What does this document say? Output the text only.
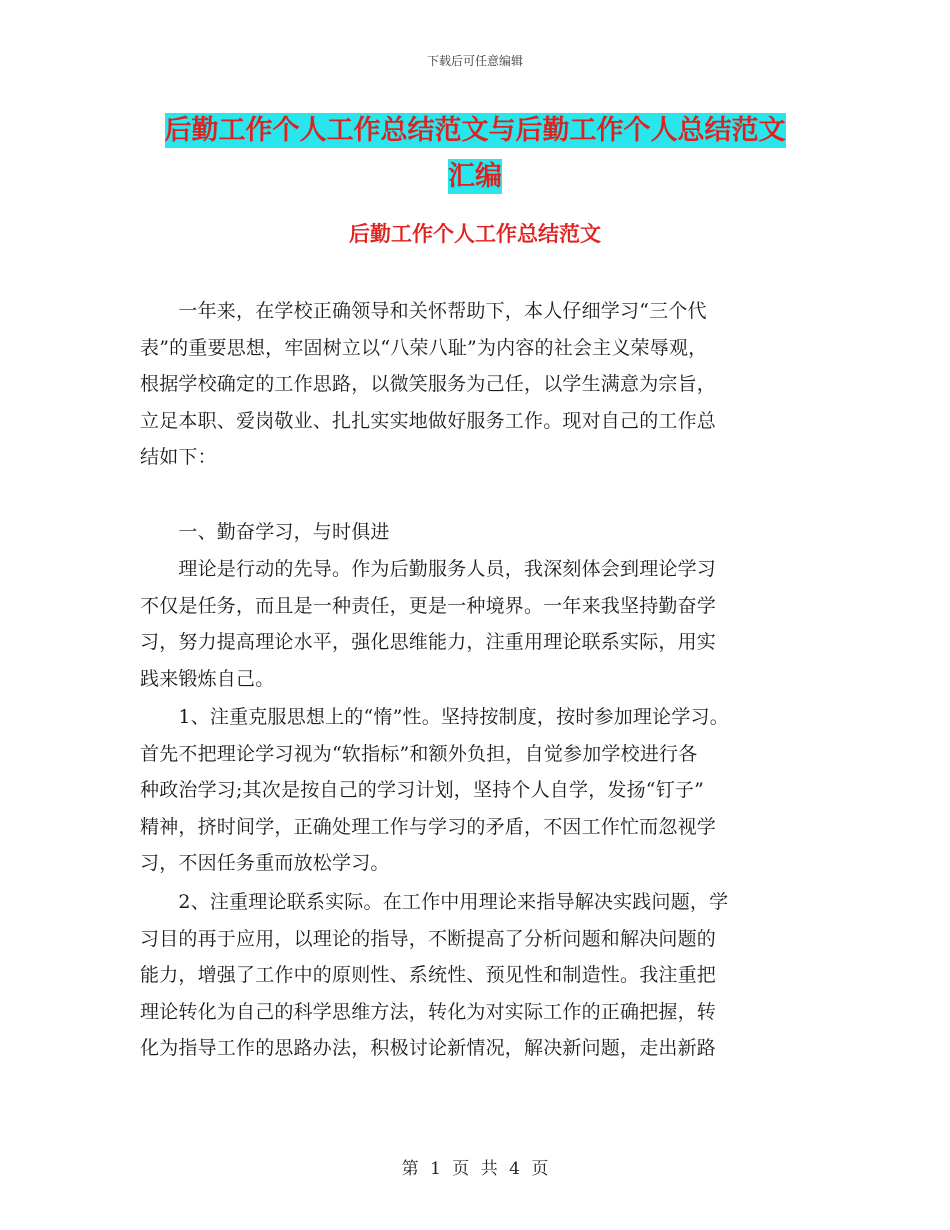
下载后可任意编辑
后勤工作个人工作总结范文与后勤工作个人总结范文
汇编
后勤工作个人工作总结范文
　　一年来，在学校正确领导和关怀帮助下，本人仔细学习“三个代
表”的重要思想，牢固树立以“八荣八耻”为内容的社会主义荣辱观，
根据学校确定的工作思路，以微笑服务为己任，以学生满意为宗旨，
立足本职、爱岗敬业、扎扎实实地做好服务工作。现对自己的工作总
结如下：
　　一、勤奋学习，与时俱进
　　理论是行动的先导。作为后勤服务人员，我深刻体会到理论学习
不仅是任务，而且是一种责任，更是一种境界。一年来我坚持勤奋学
习，努力提高理论水平，强化思维能力，注重用理论联系实际，用实
践来锻炼自己。
　　1、注重克服思想上的“惰”性。坚持按制度，按时参加理论学习。
首先不把理论学习视为“软指标”和额外负担，自觉参加学校进行各
种政治学习;其次是按自己的学习计划，坚持个人自学，发扬“钉子”
精神，挤时间学，正确处理工作与学习的矛盾，不因工作忙而忽视学
习，不因任务重而放松学习。
　　2、注重理论联系实际。在工作中用理论来指导解决实践问题，学
习目的再于应用，以理论的指导，不断提高了分析问题和解决问题的
能力，增强了工作中的原则性、系统性、预见性和制造性。我注重把
理论转化为自己的科学思维方法，转化为对实际工作的正确把握，转
化为指导工作的思路办法，积极讨论新情况，解决新问题，走出新路
第 1 页 共 4 页
